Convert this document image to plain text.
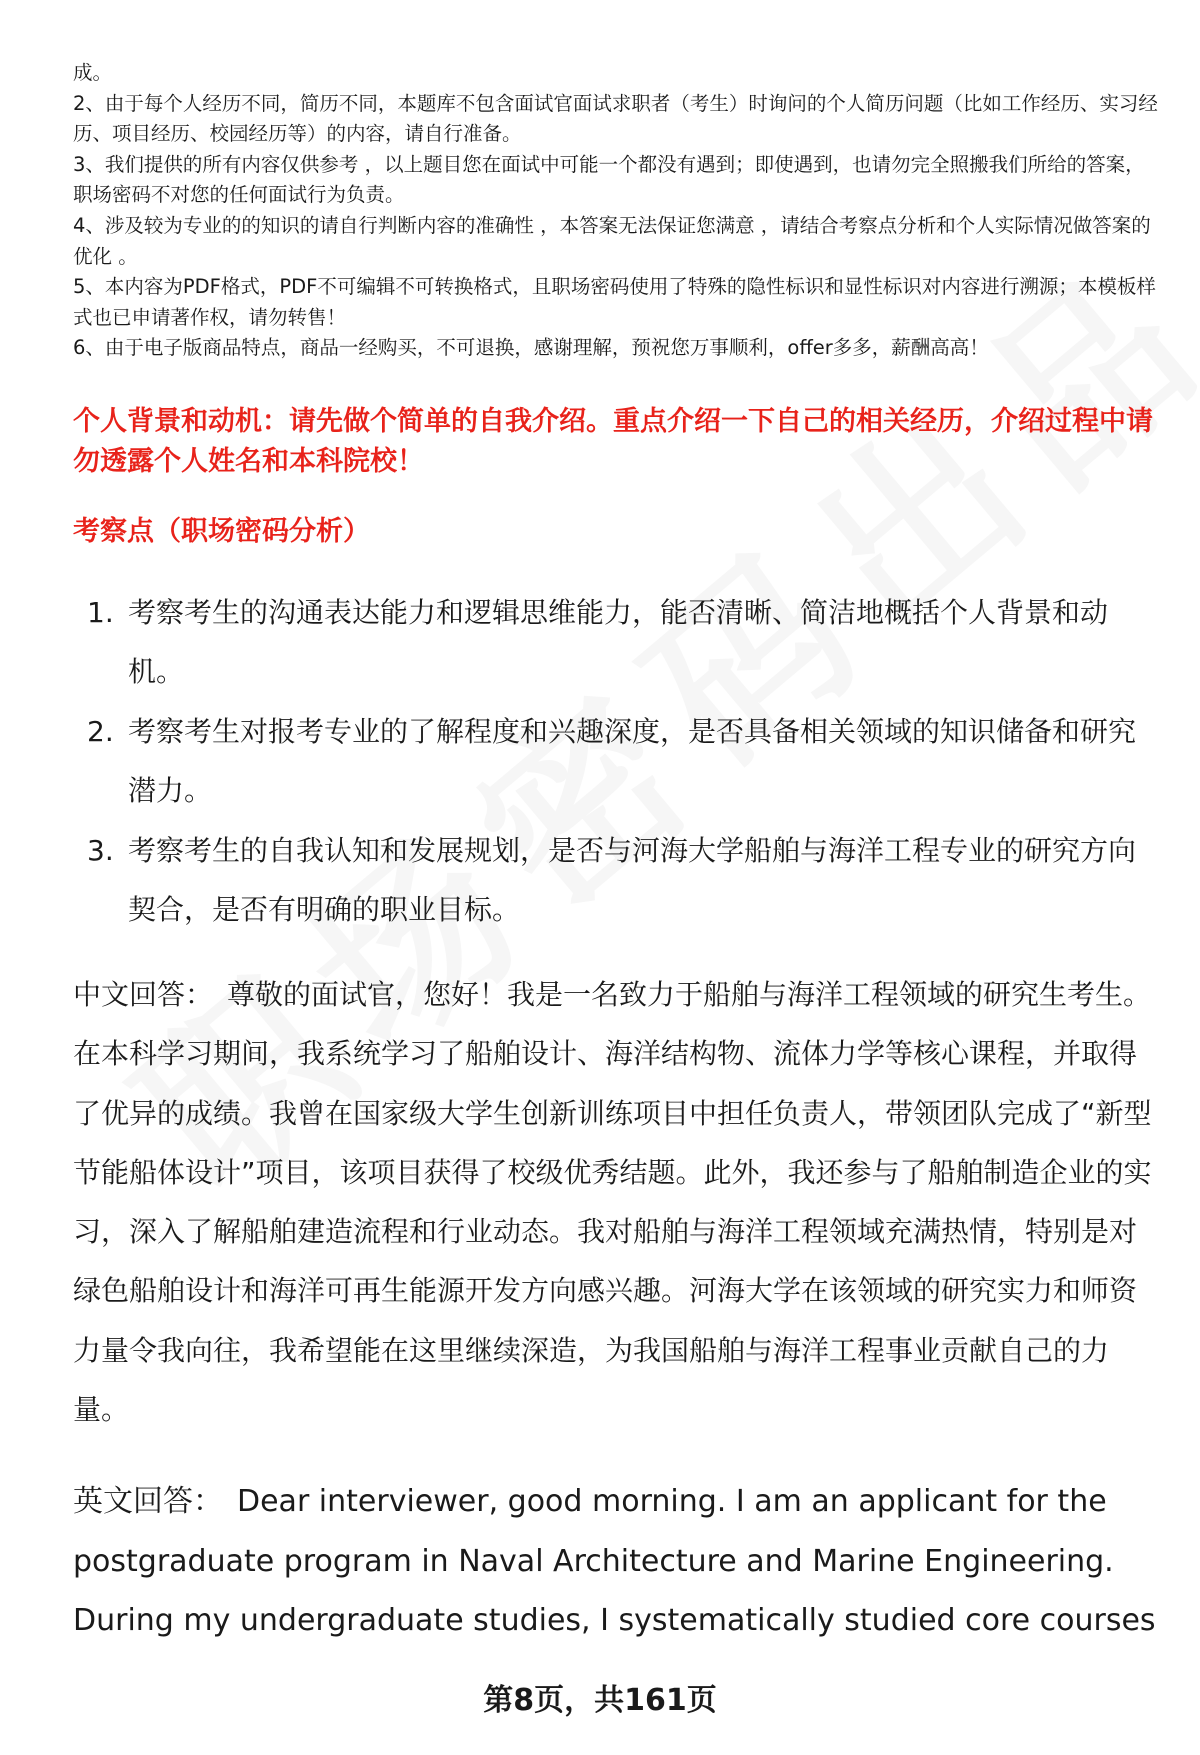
成。

2、由于每个人经历不同，简历不同，本题库不包含面试官面试求职者（考生）时询问的个人简历问题（比如工作经历、实习经历、项目经历、校园经历等）的内容，请自行准备。

3、我们提供的所有内容仅供参考 ，以上题目您在面试中可能一个都没有遇到；即使遇到，也请勿完全照搬我们所给的答案，职场密码不对您的任何面试行为负责。

4、涉及较为专业的的知识的请自行判断内容的准确性 ，本答案无法保证您满意 ，请结合考察点分析和个人实际情况做答案的优化 。

5、本内容为PDF格式，PDF不可编辑不可转换格式，且职场密码使用了特殊的隐性标识和显性标识对内容进行溯源；本模板样式也已申请著作权，请勿转售！

6、由于电子版商品特点，商品一经购买，不可退换，感谢理解，预祝您万事顺利，offer多多，薪酬高高！

个人背景和动机：请先做个简单的自我介绍。重点介绍一下自己的相关经历，介绍过程中请勿透露个人姓名和本科院校！
考察点（职场密码分析）
1. 考察考生的沟通表达能力和逻辑思维能力，能否清晰、简洁地概括个人背景和动机。
2. 考察考生对报考专业的了解程度和兴趣深度，是否具备相关领域的知识储备和研究潜力。
3. 考察考生的自我认知和发展规划，是否与河海大学船舶与海洋工程专业的研究方向契合，是否有明确的职业目标。

中文回答： 尊敬的面试官，您好！我是一名致力于船舶与海洋工程领域的研究生考生。在本科学习期间，我系统学习了船舶设计、海洋结构物、流体力学等核心课程，并取得了优异的成绩。我曾在国家级大学生创新训练项目中担任负责人，带领团队完成了“新型节能船体设计”项目，该项目获得了校级优秀结题。此外，我还参与了船舶制造企业的实习，深入了解船舶建造流程和行业动态。我对船舶与海洋工程领域充满热情，特别是对绿色船舶设计和海洋可再生能源开发方向感兴趣。河海大学在该领域的研究实力和师资力量令我向往，我希望能在这里继续深造，为我国船舶与海洋工程事业贡献自己的力量。

英文回答： Dear interviewer, good morning. I am an applicant for the postgraduate program in Naval Architecture and Marine Engineering. During my undergraduate studies, I systematically studied core courses

第8页，共161页
